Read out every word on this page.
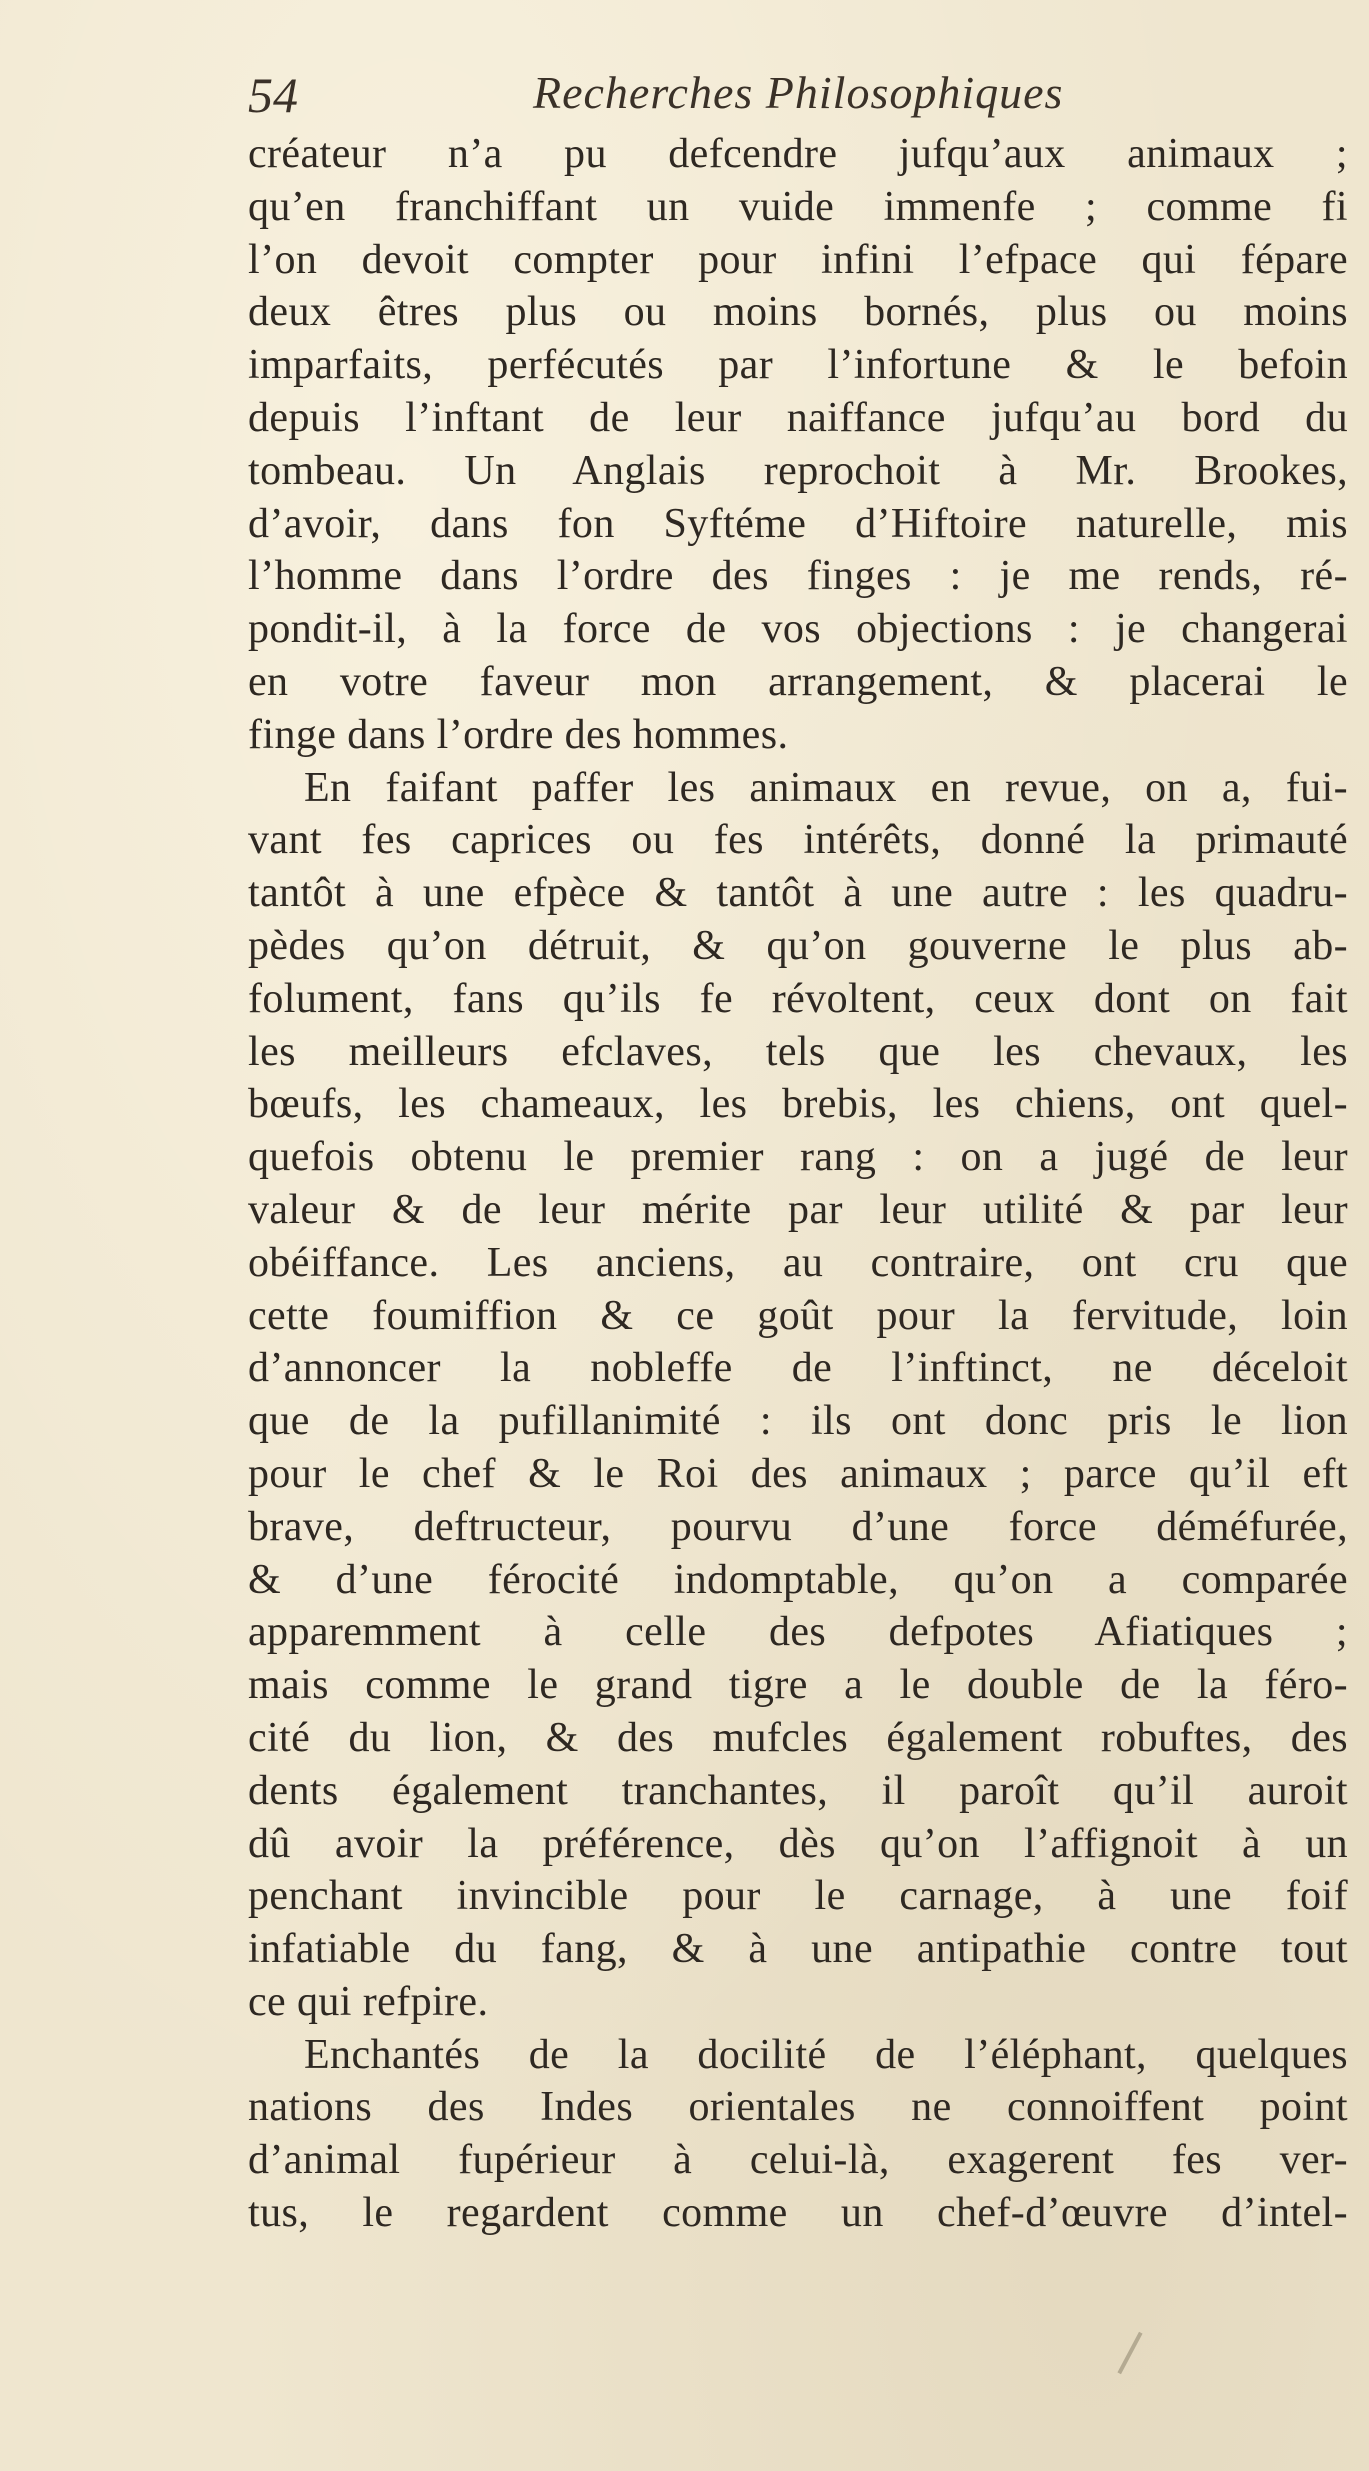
54	Recherches Philosophiques
créateur n’a pu defcendre jufqu’aux animaux ;
qu’en franchiffant un vuide immenfe ; comme fi
l’on devoit compter pour infini l’efpace qui fépare
deux êtres plus ou moins bornés, plus ou moins
imparfaits, perfécutés par l’infortune & le befoin
depuis l’inftant de leur naiffance jufqu’au bord du
tombeau. Un Anglais reprochoit à Mr. Brookes,
d’avoir, dans fon Syftéme d’Hiftoire naturelle, mis
l’homme dans l’ordre des finges : je me rends, ré-
pondit-il, à la force de vos objections : je changerai
en votre faveur mon arrangement, & placerai le
finge dans l’ordre des hommes.
En faifant paffer les animaux en revue, on a, fui-
vant fes caprices ou fes intérêts, donné la primauté
tantôt à une efpèce & tantôt à une autre : les quadru-
pèdes qu’on détruit, & qu’on gouverne le plus ab-
folument, fans qu’ils fe révoltent, ceux dont on fait
les meilleurs efclaves, tels que les chevaux, les
bœufs, les chameaux, les brebis, les chiens, ont quel-
quefois obtenu le premier rang : on a jugé de leur
valeur & de leur mérite par leur utilité & par leur
obéiffance. Les anciens, au contraire, ont cru que
cette foumiffion & ce goût pour la fervitude, loin
d’annoncer la nobleffe de l’inftinct, ne déceloit
que de la pufillanimité : ils ont donc pris le lion
pour le chef & le Roi des animaux ; parce qu’il eft
brave, deftructeur, pourvu d’une force déméfurée,
& d’une férocité indomptable, qu’on a comparée
apparemment à celle des defpotes Afiatiques ;
mais comme le grand tigre a le double de la féro-
cité du lion, & des mufcles également robuftes, des
dents également tranchantes, il paroît qu’il auroit
dû avoir la préférence, dès qu’on l’affignoit à un
penchant invincible pour le carnage, à une foif
infatiable du fang, & à une antipathie contre tout
ce qui refpire.
Enchantés de la docilité de l’éléphant, quelques
nations des Indes orientales ne connoiffent point
d’animal fupérieur à celui-là, exagerent fes ver-
tus, le regardent comme un chef-d’œuvre d’intel-
